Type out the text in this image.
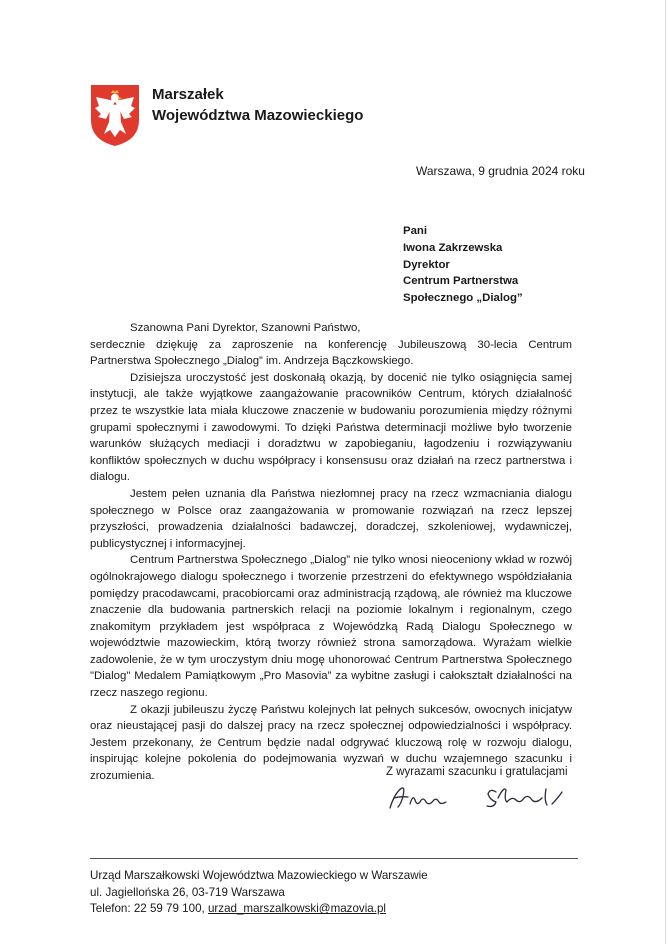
Marszałek
Województwa Mazowieckiego
Warszawa, 9 grudnia 2024 roku
Pani
Iwona Zakrzewska
Dyrektor
Centrum Partnerstwa
Społecznego „Dialog”

Szanowna Pani Dyrektor, Szanowni Państwo,

serdecznie dziękuję za zaproszenie na konferencję Jubileuszową 30-lecia Centrum Partnerstwa Społecznego „Dialog” im. Andrzeja Bączkowskiego.

Dzisiejsza uroczystość jest doskonałą okazją, by docenić nie tylko osiągnięcia samej instytucji, ale także wyjątkowe zaangażowanie pracowników Centrum, których działalność przez te wszystkie lata miała kluczowe znaczenie w budowaniu porozumienia między różnymi grupami społecznymi i zawodowymi. To dzięki Państwa determinacji możliwe było tworzenie warunków służących mediacji i doradztwu w zapobieganiu, łagodzeniu i rozwiązywaniu konfliktów społecznych w duchu współpracy i konsensusu oraz działań na rzecz partnerstwa i dialogu.

Jestem pełen uznania dla Państwa niezłomnej pracy na rzecz wzmacniania dialogu społecznego w Polsce oraz zaangażowania w promowanie rozwiązań na rzecz lepszej przyszłości, prowadzenia działalności badawczej, doradczej, szkoleniowej, wydawniczej, publicystycznej i informacyjnej.

Centrum Partnerstwa Społecznego „Dialog” nie tylko wnosi nieoceniony wkład w rozwój ogólnokrajowego dialogu społecznego i tworzenie przestrzeni do efektywnego współdziałania pomiędzy pracodawcami, pracobiorcami oraz administracją rządową, ale również ma kluczowe znaczenie dla budowania partnerskich relacji na poziomie lokalnym i regionalnym, czego znakomitym przykładem jest współpraca z Wojewódzką Radą Dialogu Społecznego w województwie mazowieckim, którą tworzy również strona samorządowa. Wyrażam wielkie zadowolenie, że w tym uroczystym dniu mogę uhonorować Centrum Partnerstwa Społecznego "Dialog" Medalem Pamiątkowym „Pro Masovia” za wybitne zasługi i całokształt działalności na rzecz naszego regionu.

Z okazji jubileuszu życzę Państwu kolejnych lat pełnych sukcesów, owocnych inicjatyw oraz nieustającej pasji do dalszej pracy na rzecz społecznej odpowiedzialności i współpracy. Jestem przekonany, że Centrum będzie nadal odgrywać kluczową rolę w rozwoju dialogu, inspirując kolejne pokolenia do podejmowania wyzwań w duchu wzajemnego szacunku i zrozumienia.	Z wyrazami szacunku i gratulacjami
Urząd Marszałkowski Województwa Mazowieckiego w Warszawie
ul. Jagiellońska 26, 03-719 Warszawa
Telefon: 22 59 79 100, urzad_marszalkowski@mazovia.pl
